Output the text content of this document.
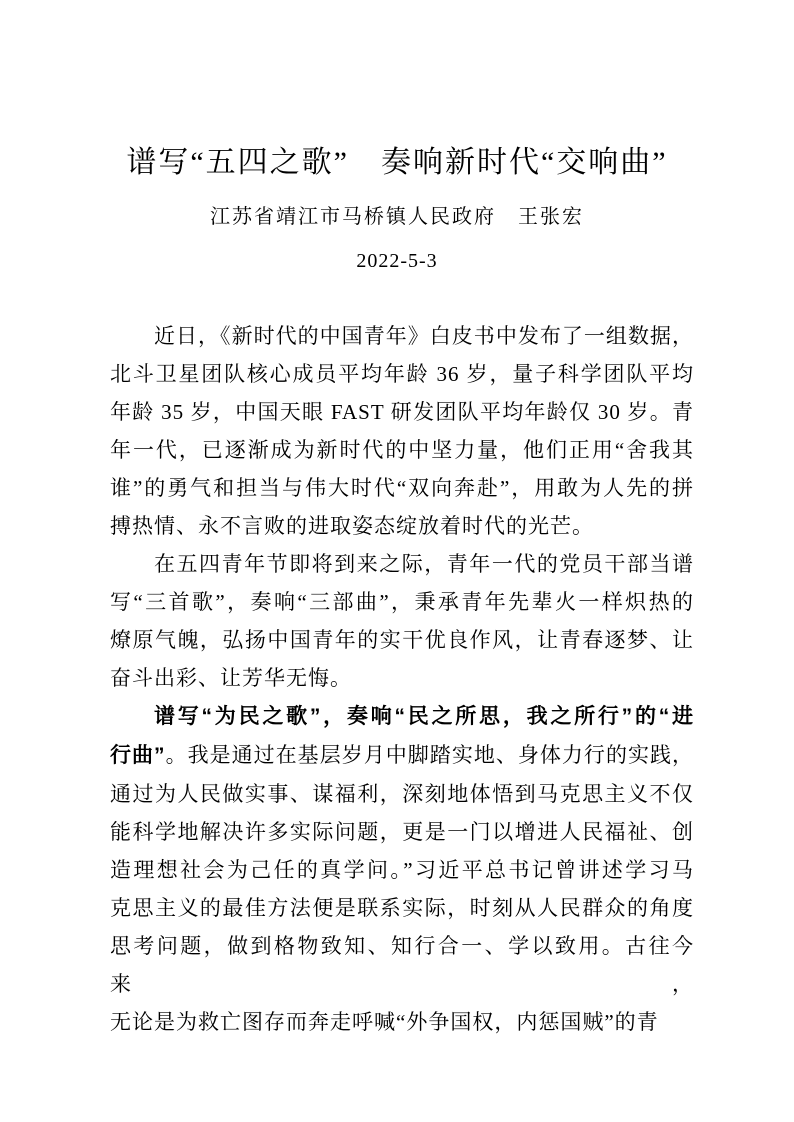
谱写“五四之歌”　奏响新时代“交响曲”
江苏省靖江市马桥镇人民政府　王张宏
2022-5-3
近日，《新时代的中国青年》白皮书中发布了一组数据，
北斗卫星团队核心成员平均年龄 36 岁，量子科学团队平均
年龄 35 岁，中国天眼 FAST 研发团队平均年龄仅 30 岁。青
年一代，已逐渐成为新时代的中坚力量，他们正用“舍我其
谁”的勇气和担当与伟大时代“双向奔赴”，用敢为人先的拼
搏热情、永不言败的进取姿态绽放着时代的光芒。
在五四青年节即将到来之际，青年一代的党员干部当谱
写“三首歌”，奏响“三部曲”，秉承青年先辈火一样炽热的
燎原气魄，弘扬中国青年的实干优良作风，让青春逐梦、让
奋斗出彩、让芳华无悔。
谱写“为民之歌”，奏响“民之所思，我之所行”的“进
行曲”。我是通过在基层岁月中脚踏实地、身体力行的实践，
通过为人民做实事、谋福利，深刻地体悟到马克思主义不仅
能科学地解决许多实际问题，更是一门以增进人民福祉、创
造理想社会为己任的真学问。”习近平总书记曾讲述学习马
克思主义的最佳方法便是联系实际，时刻从人民群众的角度
思考问题，做到格物致知、知行合一、学以致用。古往今来，
无论是为救亡图存而奔走呼喊“外争国权，内惩国贼”的青
